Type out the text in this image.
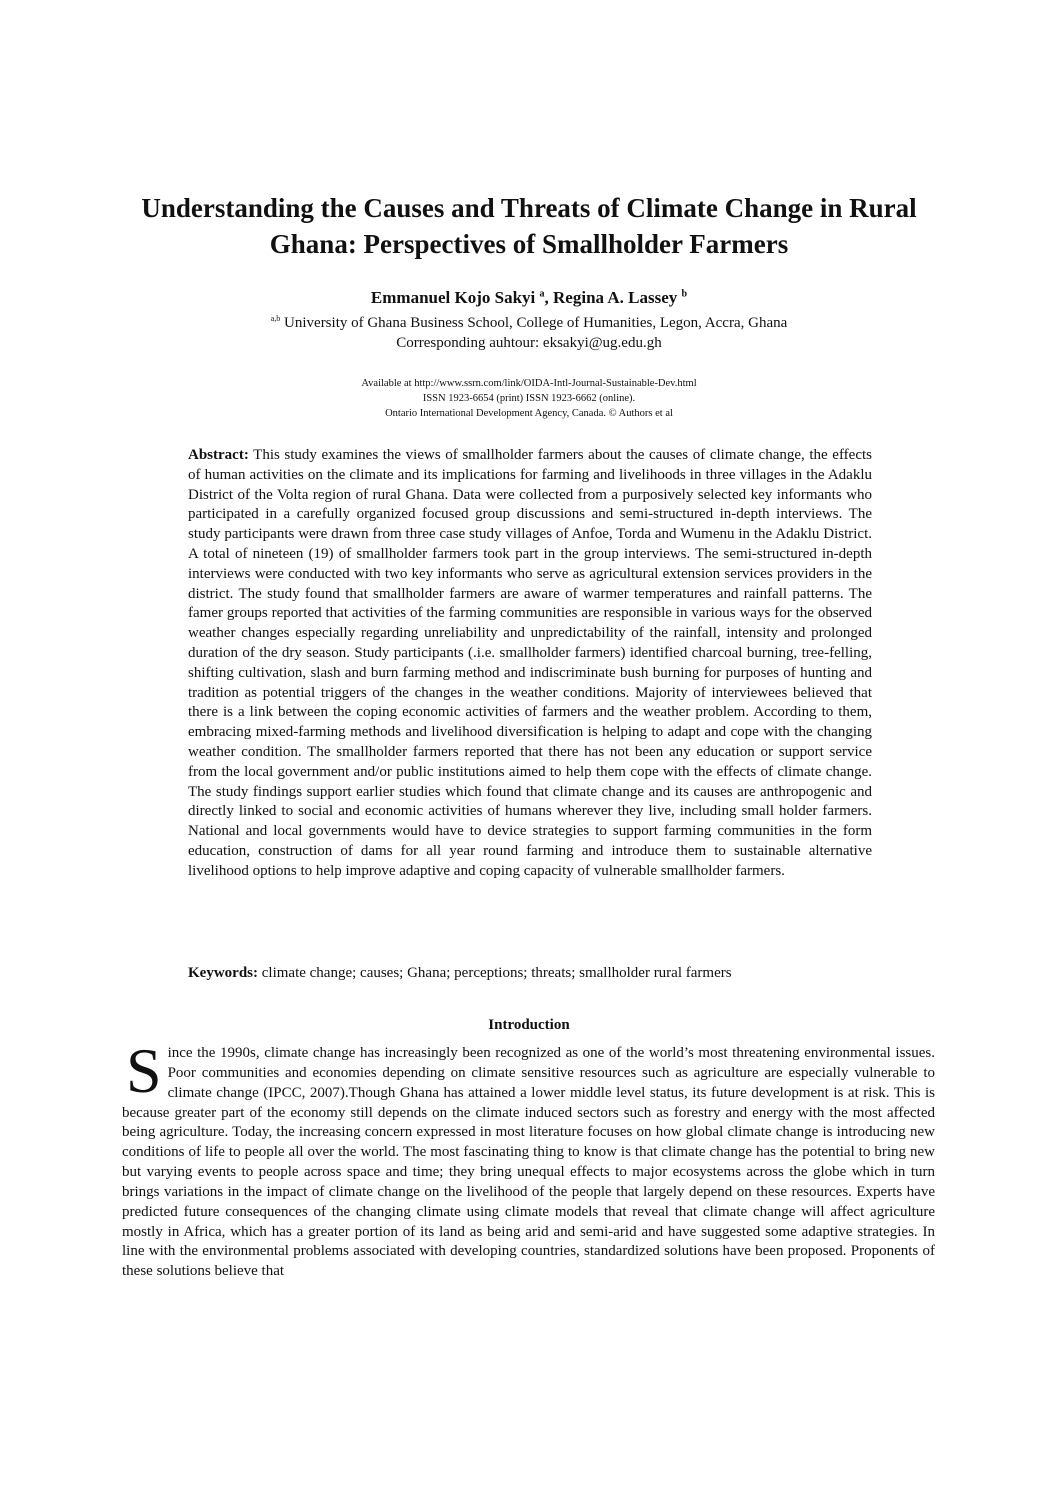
Understanding the Causes and Threats of Climate Change in Rural Ghana: Perspectives of Smallholder Farmers
Emmanuel Kojo Sakyi $^a$, Regina A. Lassey $^b$
$^{a,b}$ University of Ghana Business School, College of Humanities, Legon, Accra, Ghana
Corresponding auhtour: eksakyi@ug.edu.gh
Available at http://www.ssrn.com/link/OIDA-Intl-Journal-Sustainable-Dev.html
ISSN 1923-6654 (print) ISSN 1923-6662 (online).
Ontario International Development Agency, Canada. © Authors et al

Abstract: This study examines the views of smallholder farmers about the causes of climate change, the effects of human activities on the climate and its implications for farming and livelihoods in three villages in the Adaklu District of the Volta region of rural Ghana. Data were collected from a purposively selected key informants who participated in a carefully organized focused group discussions and semi-structured in-depth interviews. The study participants were drawn from three case study villages of Anfoe, Torda and Wumenu in the Adaklu District. A total of nineteen (19) of smallholder farmers took part in the group interviews. The semi-structured in-depth interviews were conducted with two key informants who serve as agricultural extension services providers in the district. The study found that smallholder farmers are aware of warmer temperatures and rainfall patterns. The famer groups reported that activities of the farming communities are responsible in various ways for the observed weather changes especially regarding unreliability and unpredictability of the rainfall, intensity and prolonged duration of the dry season. Study participants (.i.e. smallholder farmers) identified charcoal burning, tree-felling, shifting cultivation, slash and burn farming method and indiscriminate bush burning for purposes of hunting and tradition as potential triggers of the changes in the weather conditions. Majority of interviewees believed that there is a link between the coping economic activities of farmers and the weather problem. According to them, embracing mixed-farming methods and livelihood diversification is helping to adapt and cope with the changing weather condition. The smallholder farmers reported that there has not been any education or support service from the local government and/or public institutions aimed to help them cope with the effects of climate change. The study findings support earlier studies which found that climate change and its causes are anthropogenic and directly linked to social and economic activities of humans wherever they live, including small holder farmers. National and local governments would have to device strategies to support farming communities in the form education, construction of dams for all year round farming and introduce them to sustainable alternative livelihood options to help improve adaptive and coping capacity of vulnerable smallholder farmers.

Keywords: climate change; causes; Ghana; perceptions; threats; smallholder rural farmers

Introduction

Since the 1990s, climate change has increasingly been recognized as one of the world’s most threatening environmental issues. Poor communities and economies depending on climate sensitive resources such as agriculture are especially vulnerable to climate change (IPCC, 2007).Though Ghana has attained a lower middle level status, its future development is at risk. This is because greater part of the economy still depends on the climate induced sectors such as forestry and energy with the most affected being agriculture. Today, the increasing concern expressed in most literature focuses on how global climate change is introducing new conditions of life to people all over the world. The most fascinating thing to know is that climate change has the potential to bring new but varying events to people across space and time; they bring unequal effects to major ecosystems across the globe which in turn brings variations in the impact of climate change on the livelihood of the people that largely depend on these resources. Experts have predicted future consequences of the changing climate using climate models that reveal that climate change will affect agriculture mostly in Africa, which has a greater portion of its land as being arid and semi-arid and have suggested some adaptive strategies. In line with the environmental problems associated with developing countries, standardized solutions have been proposed. Proponents of these solutions believe that
